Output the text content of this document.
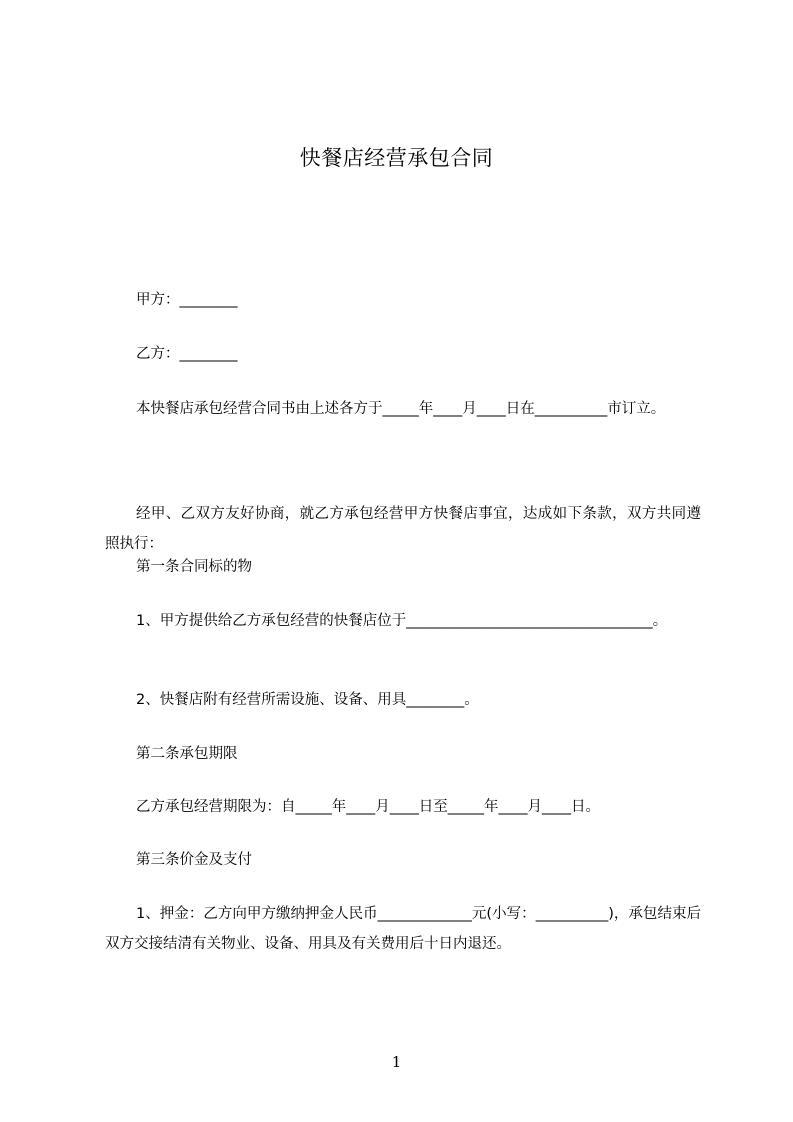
快餐店经营承包合同
甲方：________
乙方：________
本快餐店承包经营合同书由上述各方于_____年____月____日在__________市订立。
经甲、乙双方友好协商，就乙方承包经营甲方快餐店事宜，达成如下条款，双方共同遵照执行：
第一条合同标的物
1、甲方提供给乙方承包经营的快餐店位于__________________________________。
2、快餐店附有经营所需设施、设备、用具________。
第二条承包期限
乙方承包经营期限为：自_____年____月____日至_____年____月____日。
第三条价金及支付
1、押金：乙方向甲方缴纳押金人民币_____________元(小写：__________)，承包结束后双方交接结清有关物业、设备、用具及有关费用后十日内退还。
1
